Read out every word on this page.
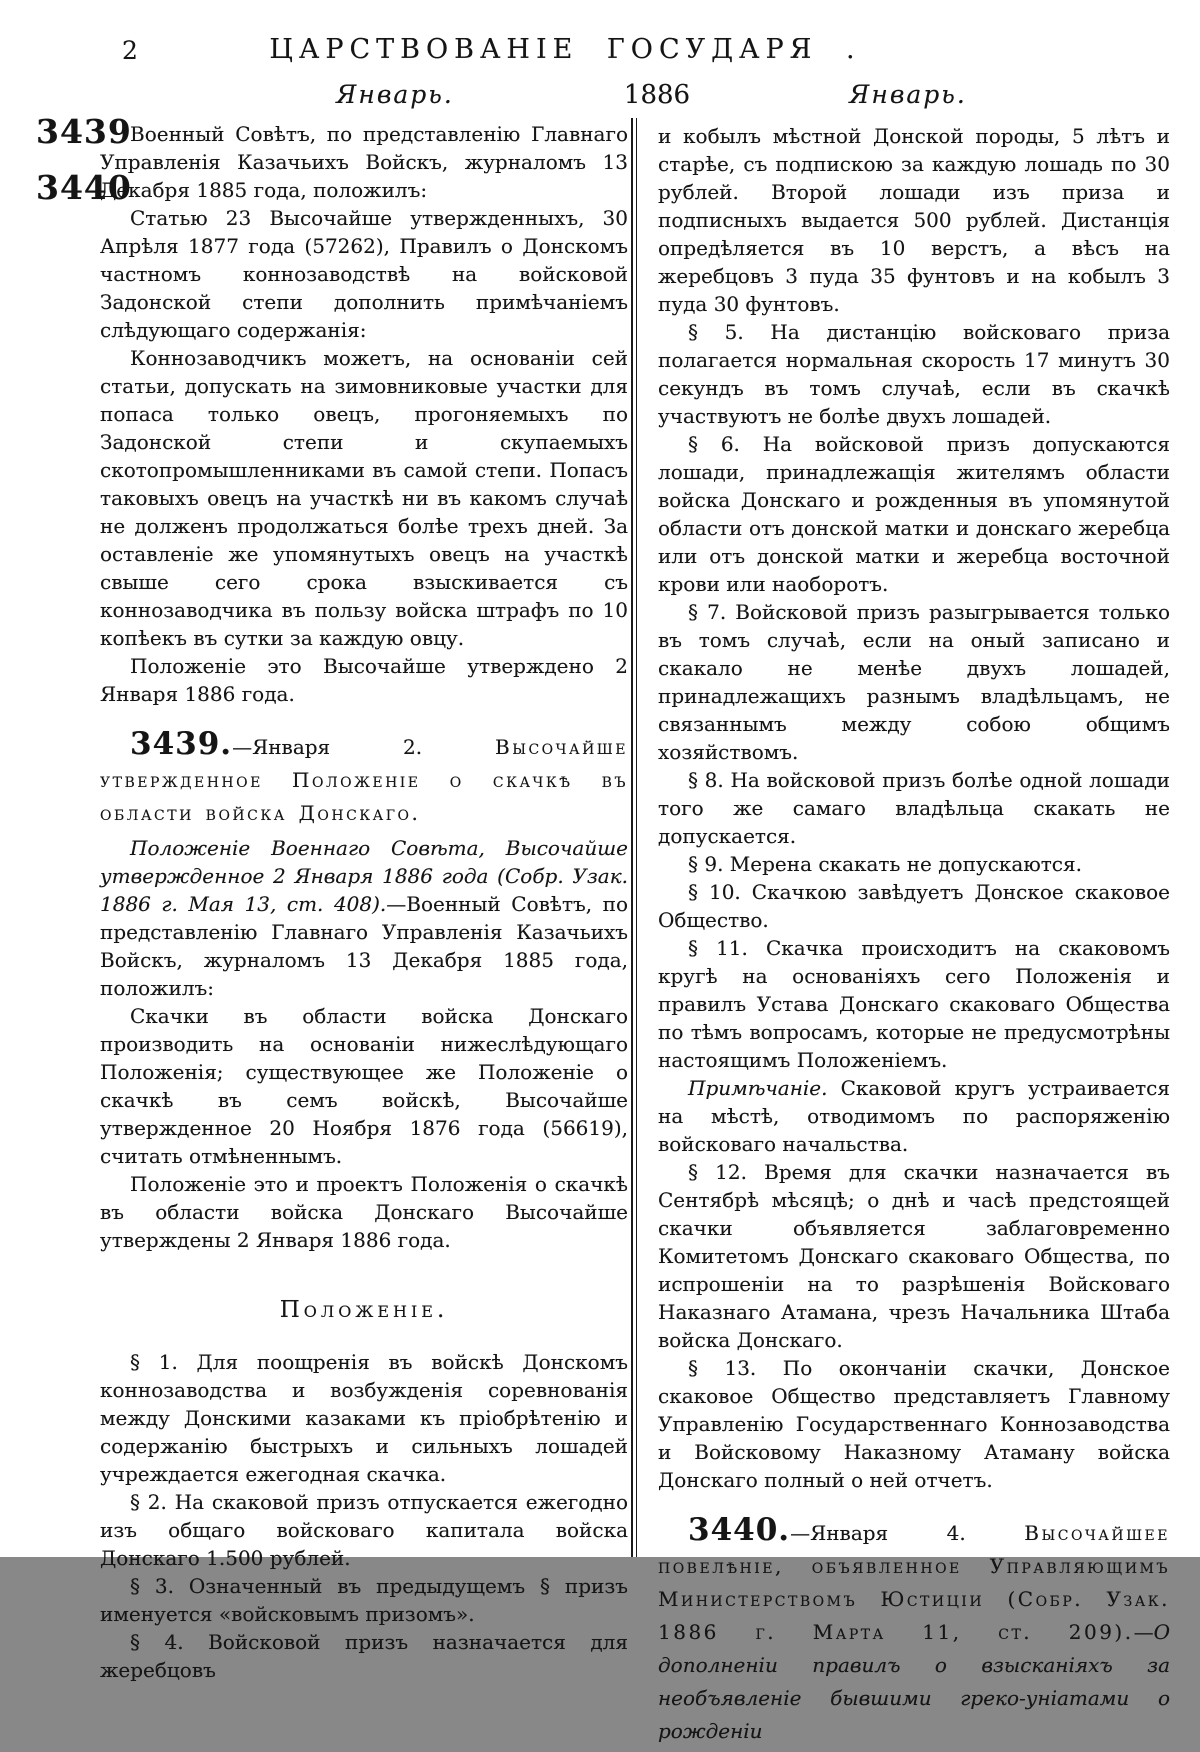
2	ЦАРСТВОВАНІЕ ГОСУДАРЯ .
Январь.	1886	Январь.
3439
3440

Военный Совѣтъ, по представленію Главнаго Управленія Казачьихъ Войскъ, журналомъ 13 Декабря 1885 года, положилъ:

Статью 23 Высочайше утвержденныхъ, 30 Апрѣля 1877 года (57262), Правилъ о Донскомъ частномъ коннозаводствѣ на войсковой Задонской степи дополнить примѣчаніемъ слѣдующаго содержанія:

Коннозаводчикъ можетъ, на основаніи сей статьи, допускать на зимовниковые участки для попаса только овецъ, прогоняемыхъ по Задонской степи и скупаемыхъ скотопромышленниками въ самой степи. Попасъ таковыхъ овецъ на участкѣ ни въ какомъ случаѣ не долженъ продолжаться болѣе трехъ дней. За оставленіе же упомянутыхъ овецъ на участкѣ свыше сего срока взыскивается съ коннозаводчика въ пользу войска штрафъ по 10 копѣекъ въ сутки за каждую овцу.

Положеніе это Высочайше утверждено 2 Января 1886 года.

3439.—Января 2. Высочайше утвержденное Положеніе о скачкѣ въ области войска Донскаго.

Положеніе Военнаго Совѣта, Высочайше утвержденное 2 Января 1886 года (Собр. Узак. 1886 г. Мая 13, ст. 408).—Военный Совѣтъ, по представленію Главнаго Управленія Казачьихъ Войскъ, журналомъ 13 Декабря 1885 года, положилъ:

Скачки въ области войска Донскаго производить на основаніи нижеслѣдующаго Положенія; существующее же Положеніе о скачкѣ въ семъ войскѣ, Высочайше утвержденное 20 Ноября 1876 года (56619), считать отмѣненнымъ.

Положеніе это и проектъ Положенія о скачкѣ въ области войска Донскаго Высочайше утверждены 2 Января 1886 года.

Положеніе.

§ 1. Для поощренія въ войскѣ Донскомъ коннозаводства и возбужденія соревнованія между Донскими казаками къ пріобрѣтенію и содержанію быстрыхъ и сильныхъ лошадей учреждается ежегодная скачка.

§ 2. На скаковой призъ отпускается ежегодно изъ общаго войсковаго капитала войска Донскаго 1.500 рублей.

§ 3. Означенный въ предыдущемъ § призъ именуется «войсковымъ призомъ».

§ 4. Войсковой призъ назначается для жеребцовъ

и кобылъ мѣстной Донской породы, 5 лѣтъ и старѣе, съ подпискою за каждую лошадь по 30 рублей. Второй лошади изъ приза и подписныхъ выдается 500 рублей. Дистанція опредѣляется въ 10 верстъ, а вѣсъ на жеребцовъ 3 пуда 35 фунтовъ и на кобылъ 3 пуда 30 фунтовъ.

§ 5. На дистанцію войсковаго приза полагается нормальная скорость 17 минутъ 30 секундъ въ томъ случаѣ, если въ скачкѣ участвуютъ не болѣе двухъ лошадей.

§ 6. На войсковой призъ допускаются лошади, принадлежащія жителямъ области войска Донскаго и рожденныя въ упомянутой области отъ донской матки и донскаго жеребца или отъ донской матки и жеребца восточной крови или наоборотъ.

§ 7. Войсковой призъ разыгрывается только въ томъ случаѣ, если на оный записано и скакало не менѣе двухъ лошадей, принадлежащихъ разнымъ владѣльцамъ, не связаннымъ между собою общимъ хозяйствомъ.

§ 8. На войсковой призъ болѣе одной лошади того же самаго владѣльца скакать не допускается.

§ 9. Мерена скакать не допускаются.

§ 10. Скачкою завѣдуетъ Донское скаковое Общество.

§ 11. Скачка происходитъ на скаковомъ кругѣ на основаніяхъ сего Положенія и правилъ Устава Донскаго скаковаго Общества по тѣмъ вопросамъ, которые не предусмотрѣны настоящимъ Положеніемъ.

Примѣчаніе. Скаковой кругъ устраивается на мѣстѣ, отводимомъ по распоряженію войсковаго начальства.

§ 12. Время для скачки назначается въ Сентябрѣ мѣсяцѣ; о днѣ и часѣ предстоящей скачки объявляется заблаговременно Комитетомъ Донскаго скаковаго Общества, по испрошеніи на то разрѣшенія Войсковаго Наказнаго Атамана, чрезъ Начальника Штаба войска Донскаго.

§ 13. По окончаніи скачки, Донское скаковое Общество представляетъ Главному Управленію Государственнаго Коннозаводства и Войсковому Наказному Атаману войска Донскаго полный о ней отчетъ.

3440.—Января 4. Высочайшее повелѣніе, объявленное Управляющимъ Министерствомъ Юстиціи (Собр. Узак. 1886 г. Марта 11, ст. 209).—О дополненіи правилъ о взысканіяхъ за необъявленіе бывшими греко-уніатами о рожденіи
